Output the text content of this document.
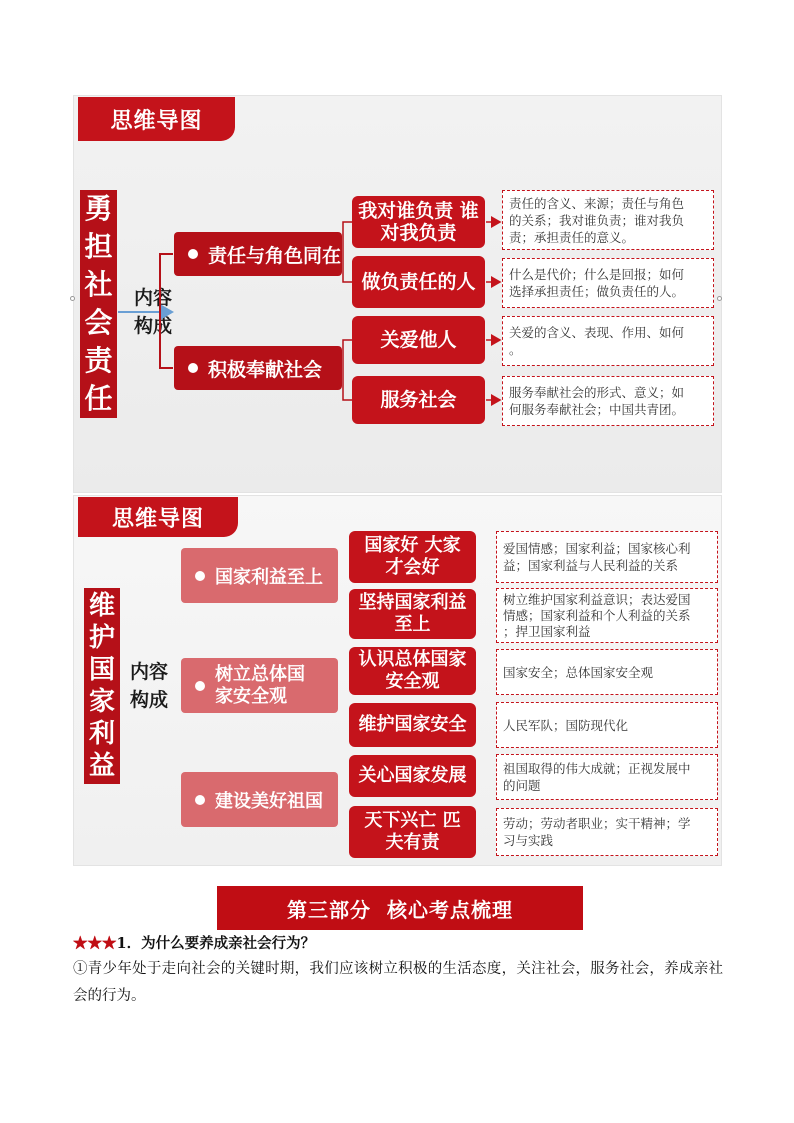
思维导图
勇
担
社
会
责
任
内容
构成
责任与角色同在
积极奉献社会
我对谁负责 谁
对我负责
做负责任的人
关爱他人
服务社会
责任的含义、来源；责任与角色
的关系；我对谁负责；谁对我负
责；承担责任的意义。
什么是代价；什么是回报；如何
选择承担责任；做负责任的人。
关爱的含义、表现、作用、如何
。
服务奉献社会的形式、意义；如
何服务奉献社会；中国共青团。
思维导图
维
护
国
家
利
益
内容
构成
国家利益至上
树立总体国
家安全观
建设美好祖国
国家好 大家
才会好
坚持国家利益
至上
认识总体国家
安全观
维护国家安全
关心国家发展
天下兴亡 匹
夫有责
爱国情感；国家利益；国家核心利
益；国家利益与人民利益的关系
树立维护国家利益意识；表达爱国
情感；国家利益和个人利益的关系
；捍卫国家利益
国家安全；总体国家安全观
人民军队；国防现代化
祖国取得的伟大成就；正视发展中
的问题
劳动；劳动者职业；实干精神；学
习与实践
第三部分  核心考点梳理
★★★1．为什么要养成亲社会行为？
①青少年处于走向社会的关键时期，我们应该树立积极的生活态度，关注社会，服务社会，养成亲社会的行为。
